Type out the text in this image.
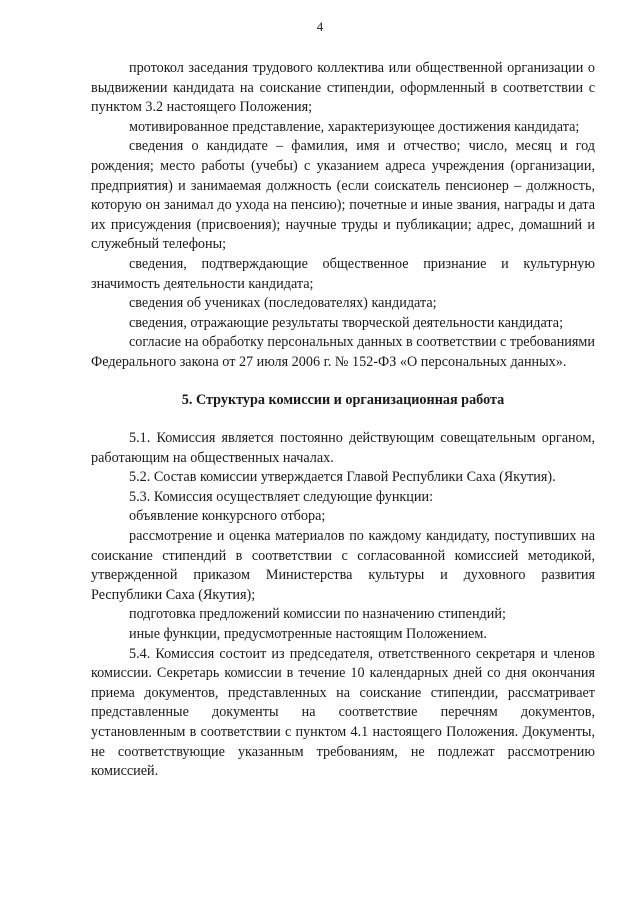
4

протокол заседания трудового коллектива или общественной организации о выдвижении кандидата на соискание стипендии, оформленный в соответствии с пунктом 3.2 настоящего Положения;

мотивированное представление, характеризующее достижения кандидата;

сведения о кандидате – фамилия, имя и отчество; число, месяц и год рождения; место работы (учебы) с указанием адреса учреждения (организации, предприятия) и занимаемая должность (если соискатель пенсионер – должность, которую он занимал до ухода на пенсию); почетные и иные звания, награды и дата их присуждения (присвоения); научные труды и публикации; адрес, домашний и служебный телефоны;

сведения, подтверждающие общественное признание и культурную значимость деятельности кандидата;

сведения об учениках (последователях) кандидата;

сведения, отражающие результаты творческой деятельности кандидата;

согласие на обработку персональных данных в соответствии с требованиями Федерального закона от 27 июля 2006 г. № 152-ФЗ «О персональных данных».

5. Структура комиссии и организационная работа

5.1. Комиссия является постоянно действующим совещательным органом, работающим на общественных началах.

5.2. Состав комиссии утверждается Главой Республики Саха (Якутия).

5.3. Комиссия осуществляет следующие функции:

объявление конкурсного отбора;

рассмотрение и оценка материалов по каждому кандидату, поступивших на соискание стипендий в соответствии с согласованной комиссией методикой, утвержденной приказом Министерства культуры и духовного развития Республики Саха (Якутия);

подготовка предложений комиссии по назначению стипендий;

иные функции, предусмотренные настоящим Положением.

5.4. Комиссия состоит из председателя, ответственного секретаря и членов комиссии. Секретарь комиссии в течение 10 календарных дней со дня окончания приема документов, представленных на соискание стипендии, рассматривает представленные документы на соответствие перечням документов, установленным в соответствии с пунктом 4.1 настоящего Положения. Документы, не соответствующие указанным требованиям, не подлежат рассмотрению комиссией.
